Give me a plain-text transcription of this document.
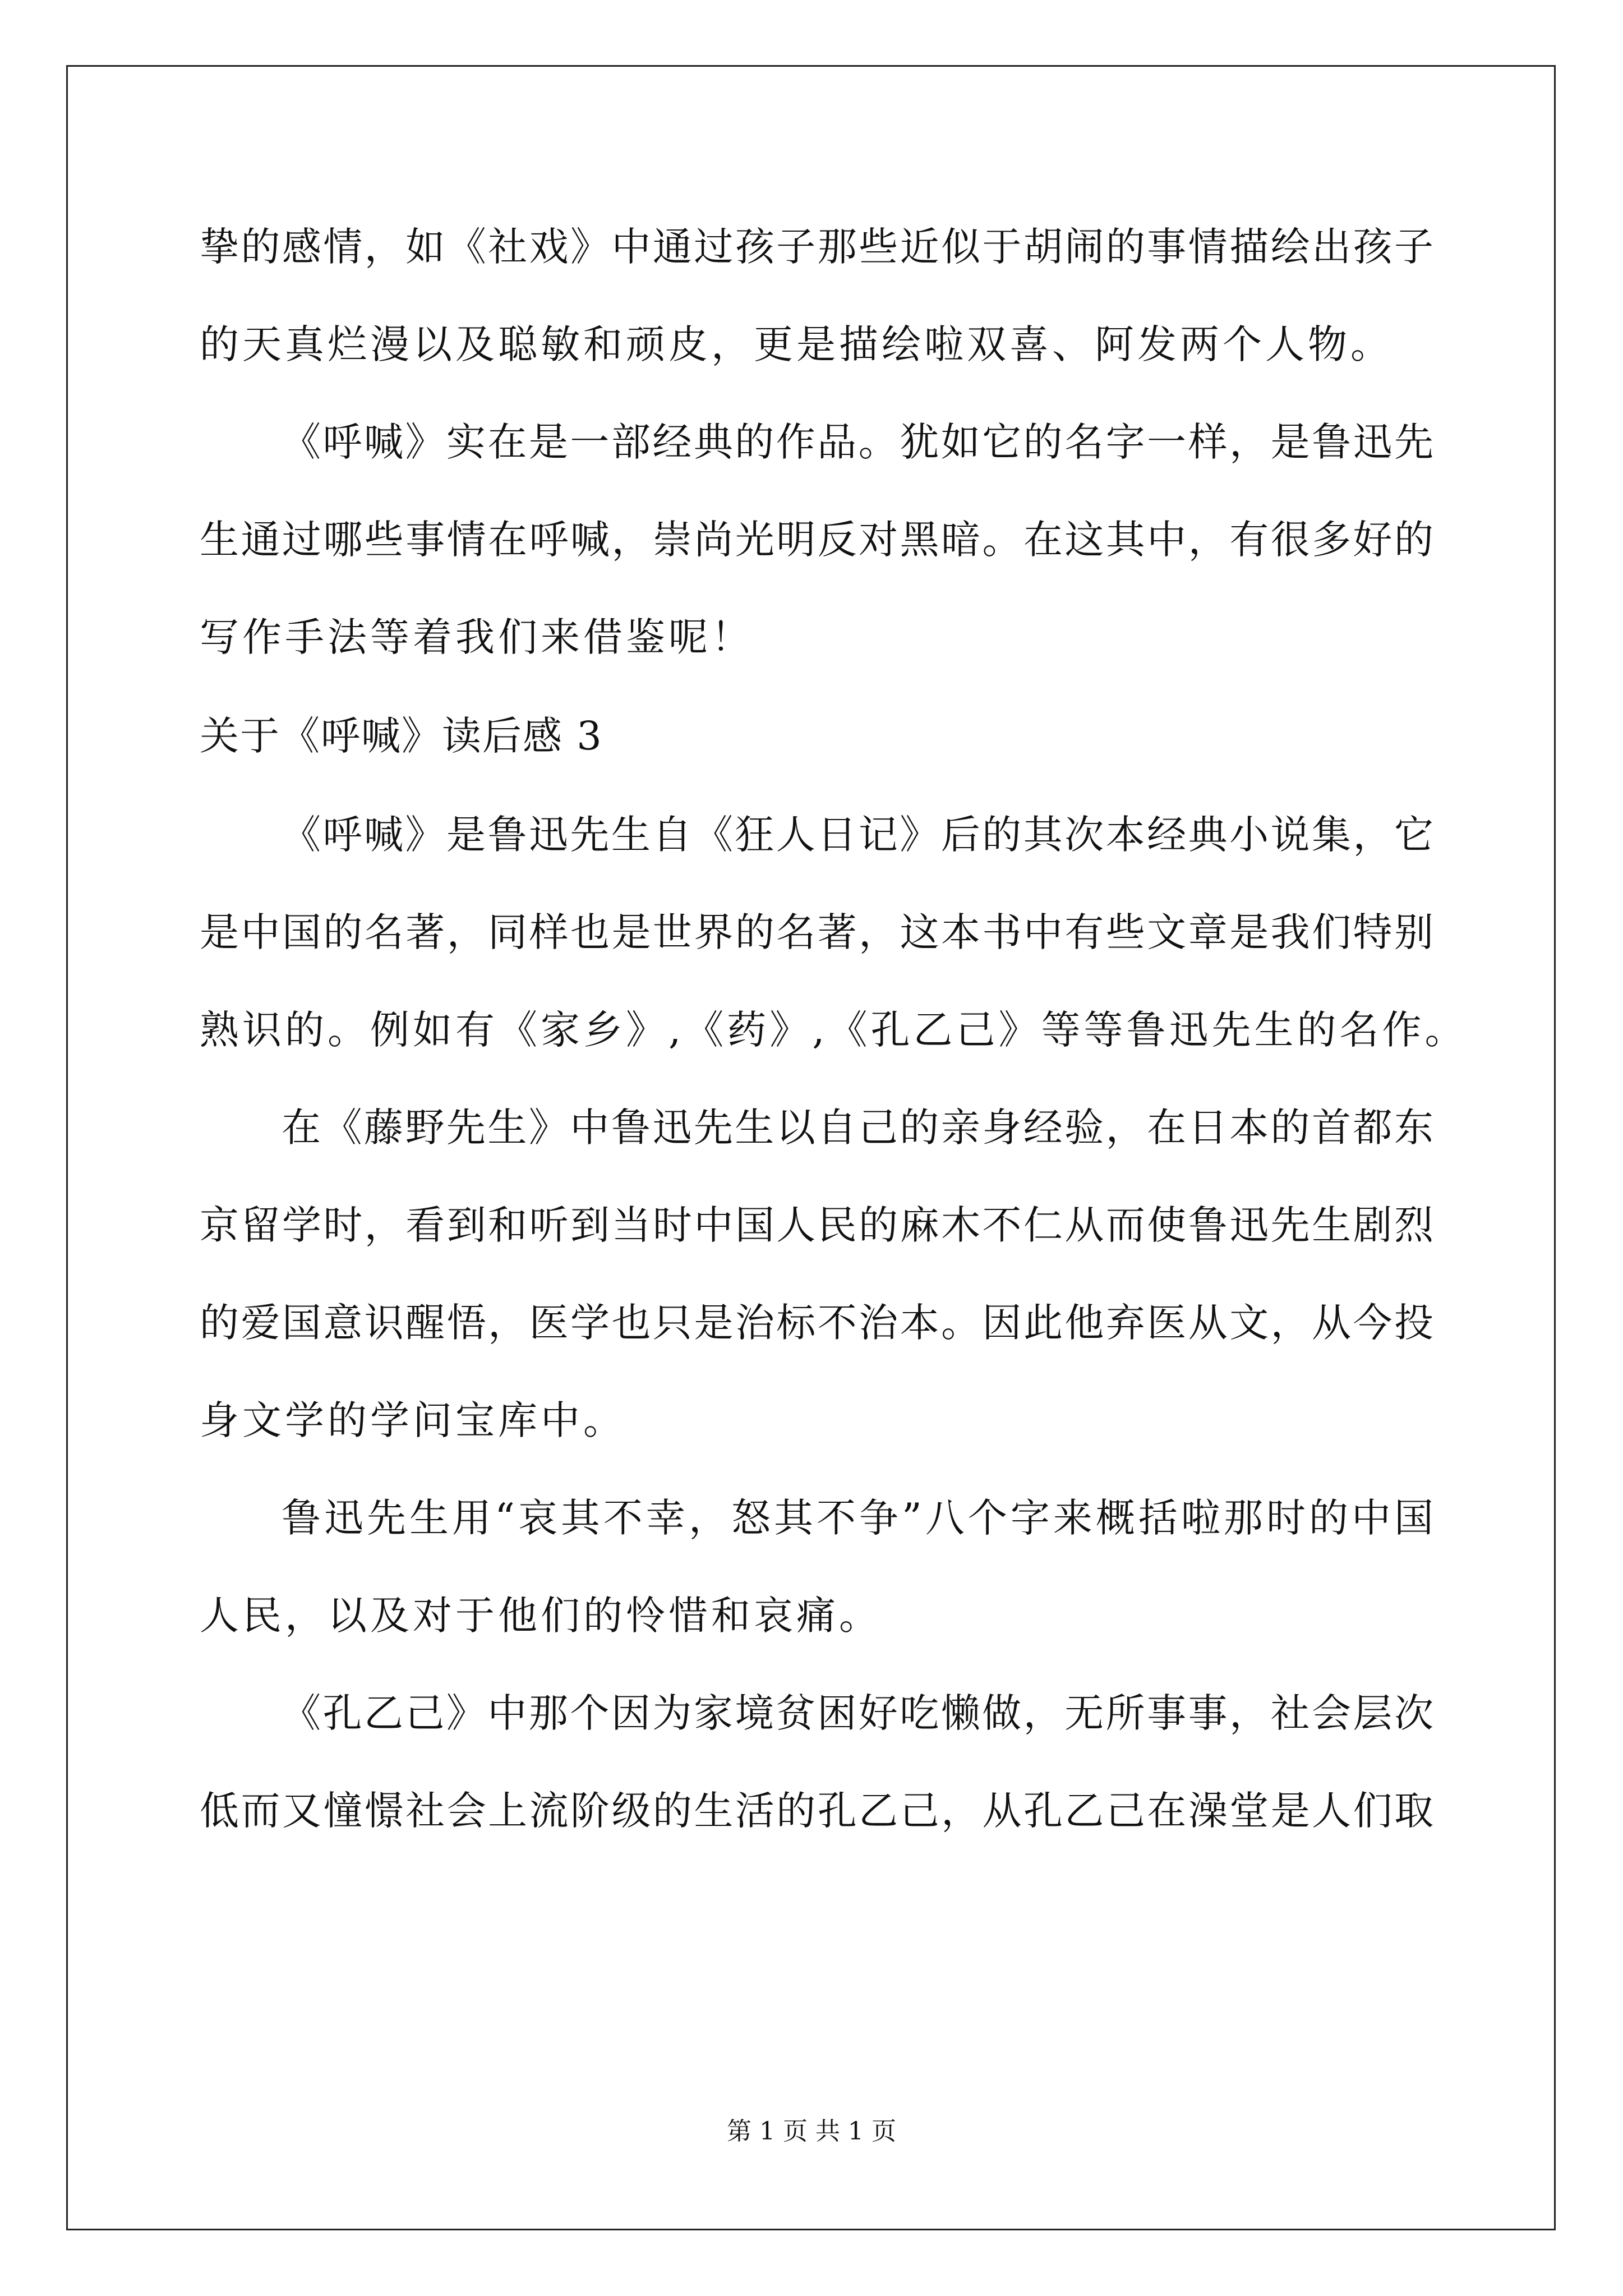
挚的感情，如《社戏》中通过孩子那些近似于胡闹的事情描绘出孩子
的天真烂漫以及聪敏和顽皮，更是描绘啦双喜、阿发两个人物。
《呼喊》实在是一部经典的作品。犹如它的名字一样，是鲁迅先
生通过哪些事情在呼喊，崇尚光明反对黑暗。在这其中，有很多好的
写作手法等着我们来借鉴呢！
关于《呼喊》读后感 3
《呼喊》是鲁迅先生自《狂人日记》后的其次本经典小说集，它
是中国的名著，同样也是世界的名著，这本书中有些文章是我们特别
熟识的。例如有《家乡》,《药》,《孔乙己》等等鲁迅先生的名作。
在《藤野先生》中鲁迅先生以自己的亲身经验，在日本的首都东
京留学时，看到和听到当时中国人民的麻木不仁从而使鲁迅先生剧烈
的爱国意识醒悟，医学也只是治标不治本。因此他弃医从文，从今投
身文学的学问宝库中。
鲁迅先生用“哀其不幸，怒其不争”八个字来概括啦那时的中国
人民，以及对于他们的怜惜和哀痛。
《孔乙己》中那个因为家境贫困好吃懒做，无所事事，社会层次
低而又憧憬社会上流阶级的生活的孔乙己，从孔乙己在澡堂是人们取
第 1 页 共 1 页
